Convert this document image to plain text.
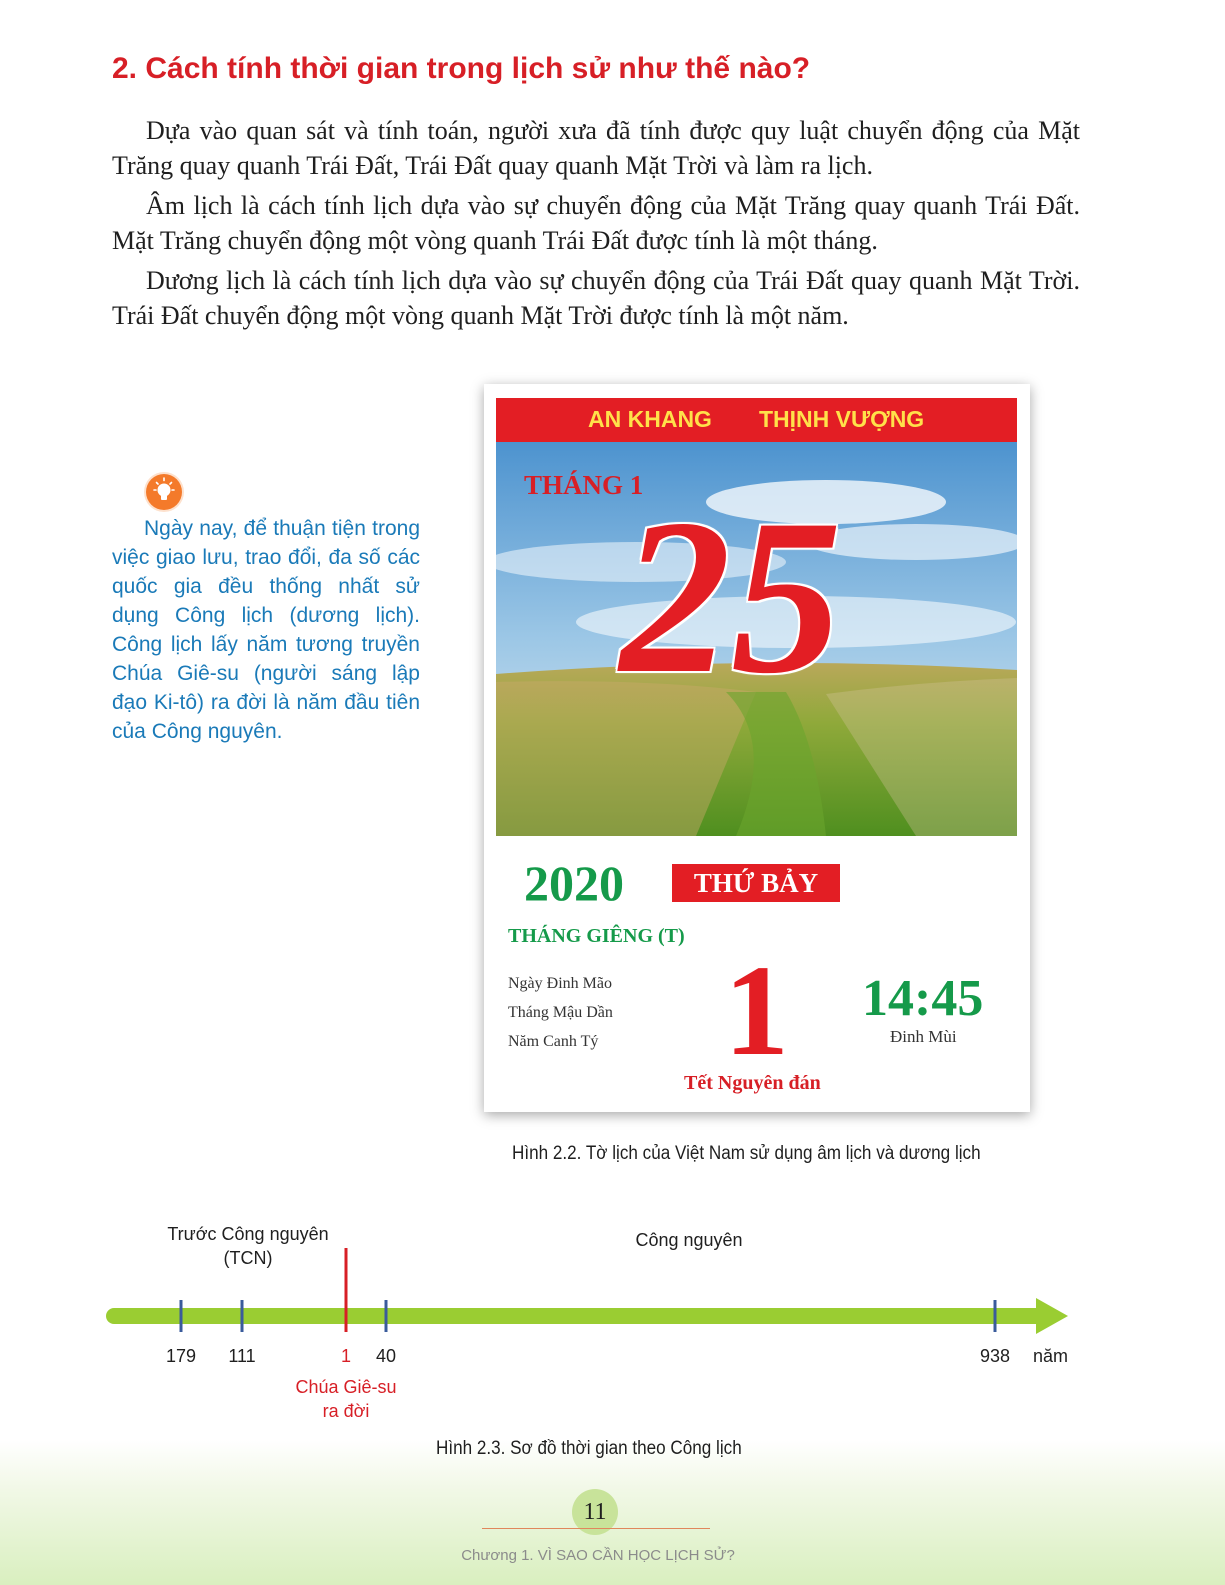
2. Cách tính thời gian trong lịch sử như thế nào?

Dựa vào quan sát và tính toán, người xưa đã tính được quy luật chuyển động của Mặt Trăng quay quanh Trái Đất, Trái Đất quay quanh Mặt Trời và làm ra lịch.

Âm lịch là cách tính lịch dựa vào sự chuyển động của Mặt Trăng quay quanh Trái Đất. Mặt Trăng chuyển động một vòng quanh Trái Đất được tính là một tháng.

Dương lịch là cách tính lịch dựa vào sự chuyển động của Trái Đất quay quanh Mặt Trời. Trái Đất chuyển động một vòng quanh Mặt Trời được tính là một năm.

Ngày nay, để thuận tiện trong việc giao lưu, trao đổi, đa số các quốc gia đều thống nhất sử dụng Công lịch (dương lịch). Công lịch lấy năm tương truyền Chúa Giê-su (người sáng lập đạo Ki-tô) ra đời là năm đầu tiên của Công nguyên.

AN KHANG THỊNH VƯỢNG
THÁNG 1
25
2020	THỨ BẢY
THÁNG GIÊNG (T)
Ngày Đinh Mão
Tháng Mậu Dần
Năm Canh Tý 1 14:45
Đinh Mùi
Tết Nguyên đán

Hình 2.2. Tờ lịch của Việt Nam sử dụng âm lịch và dương lịch

Trước Công nguyên
(TCN)
Công nguyên
179	111	1	40	938	năm
Chúa Giê-su
ra đời

Hình 2.3. Sơ đồ thời gian theo Công lịch

11
Chương 1. VÌ SAO CẦN HỌC LỊCH SỬ?
